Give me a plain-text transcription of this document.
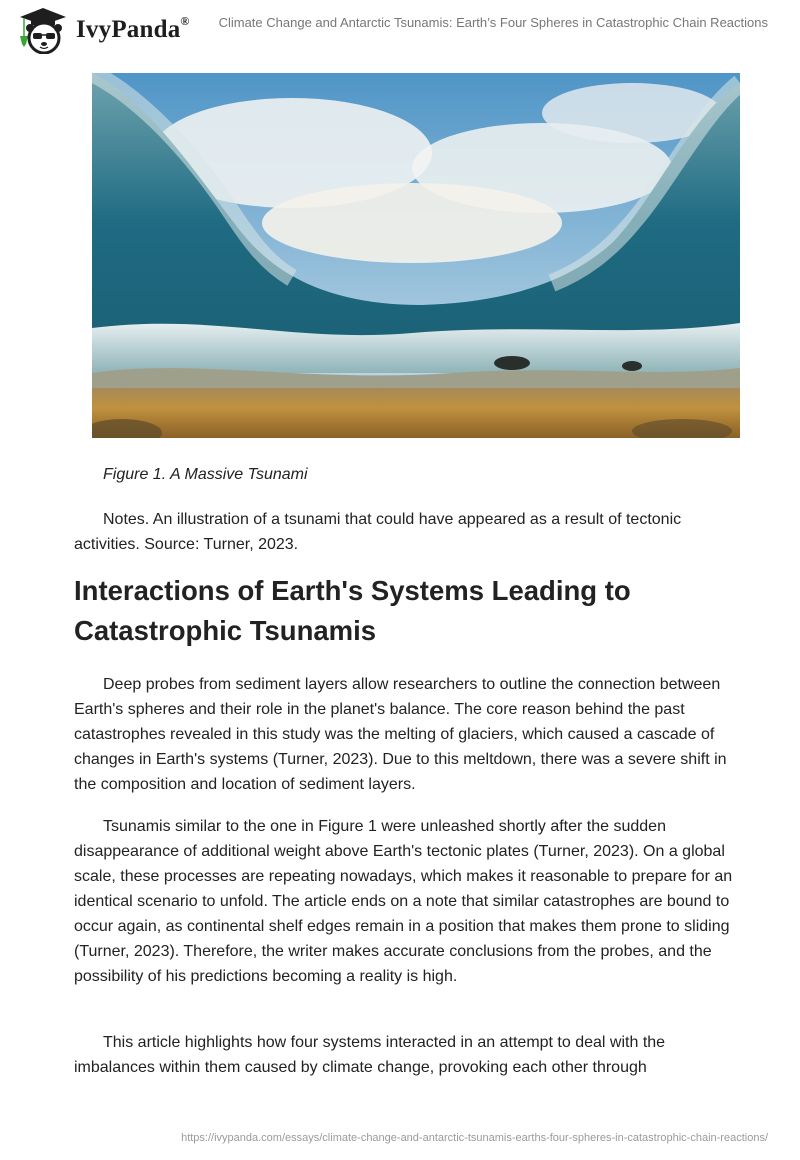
IvyPanda® Climate Change and Antarctic Tsunamis: Earth’s Four Spheres in Catastrophic Chain Reactions
Figure 1. A Massive Tsunami

Notes. An illustration of a tsunami that could have appeared as a result of tectonic activities. Source: Turner, 2023.

Interactions of Earth's Systems Leading to Catastrophic Tsunamis

Deep probes from sediment layers allow researchers to outline the connection between Earth's spheres and their role in the planet's balance. The core reason behind the past catastrophes revealed in this study was the melting of glaciers, which caused a cascade of changes in Earth's systems (Turner, 2023). Due to this meltdown, there was a severe shift in the composition and location of sediment layers.

Tsunamis similar to the one in Figure 1 were unleashed shortly after the sudden disappearance of additional weight above Earth's tectonic plates (Turner, 2023). On a global scale, these processes are repeating nowadays, which makes it reasonable to prepare for an identical scenario to unfold. The article ends on a note that similar catastrophes are bound to occur again, as continental shelf edges remain in a position that makes them prone to sliding (Turner, 2023). Therefore, the writer makes accurate conclusions from the probes, and the possibility of his predictions becoming a reality is high.

This article highlights how four systems interacted in an attempt to deal with the imbalances within them caused by climate change, provoking each other through

https://ivypanda.com/essays/climate-change-and-antarctic-tsunamis-earths-four-spheres-in-catastrophic-chain-reactions/
